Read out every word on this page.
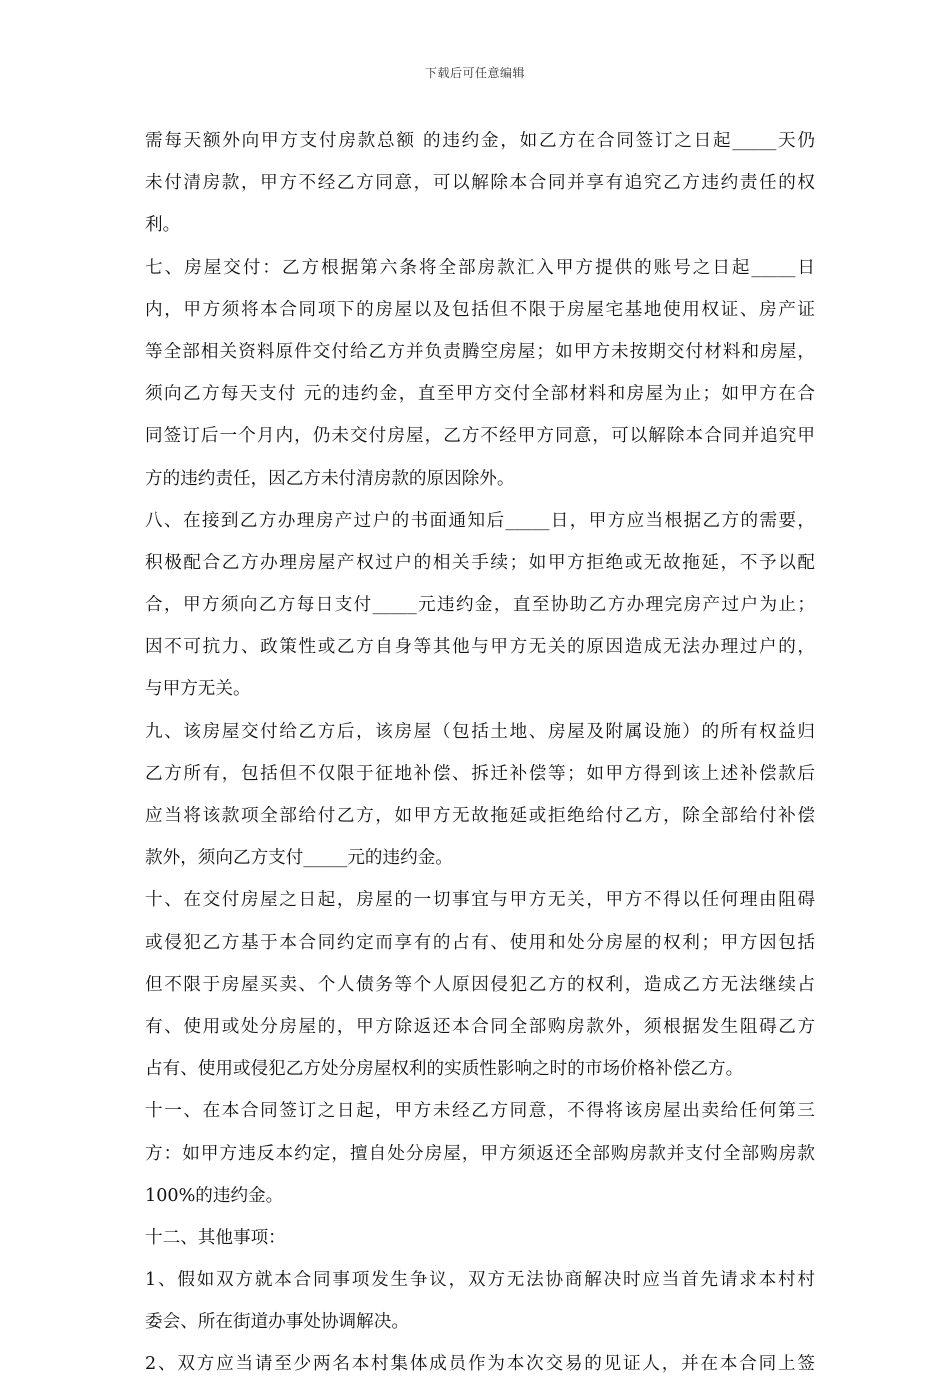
下载后可任意编辑
需每天额外向甲方支付房款总额 的违约金，如乙方在合同签订之日起_____天仍
未付清房款，甲方不经乙方同意，可以解除本合同并享有追究乙方违约责任的权
利。
七、房屋交付：乙方根据第六条将全部房款汇入甲方提供的账号之日起_____日
内，甲方须将本合同项下的房屋以及包括但不限于房屋宅基地使用权证、房产证
等全部相关资料原件交付给乙方并负责腾空房屋；如甲方未按期交付材料和房屋，
须向乙方每天支付 元的违约金，直至甲方交付全部材料和房屋为止；如甲方在合
同签订后一个月内，仍未交付房屋，乙方不经甲方同意，可以解除本合同并追究甲
方的违约责任，因乙方未付清房款的原因除外。
八、在接到乙方办理房产过户的书面通知后_____日，甲方应当根据乙方的需要，
积极配合乙方办理房屋产权过户的相关手续；如甲方拒绝或无故拖延，不予以配
合，甲方须向乙方每日支付_____元违约金，直至协助乙方办理完房产过户为止；
因不可抗力、政策性或乙方自身等其他与甲方无关的原因造成无法办理过户的，
与甲方无关。
九、该房屋交付给乙方后，该房屋（包括土地、房屋及附属设施）的所有权益归
乙方所有，包括但不仅限于征地补偿、拆迁补偿等；如甲方得到该上述补偿款后
应当将该款项全部给付乙方，如甲方无故拖延或拒绝给付乙方，除全部给付补偿
款外，须向乙方支付_____元的违约金。
十、在交付房屋之日起，房屋的一切事宜与甲方无关，甲方不得以任何理由阻碍
或侵犯乙方基于本合同约定而享有的占有、使用和处分房屋的权利；甲方因包括
但不限于房屋买卖、个人债务等个人原因侵犯乙方的权利，造成乙方无法继续占
有、使用或处分房屋的，甲方除返还本合同全部购房款外，须根据发生阻碍乙方
占有、使用或侵犯乙方处分房屋权利的实质性影响之时的市场价格补偿乙方。
十一、在本合同签订之日起，甲方未经乙方同意，不得将该房屋出卖给任何第三
方：如甲方违反本约定，擅自处分房屋，甲方须返还全部购房款并支付全部购房款
100%的违约金。
十二、其他事项：
1、假如双方就本合同事项发生争议，双方无法协商解决时应当首先请求本村村
委会、所在街道办事处协调解决。
2、双方应当请至少两名本村集体成员作为本次交易的见证人，并在本合同上签
